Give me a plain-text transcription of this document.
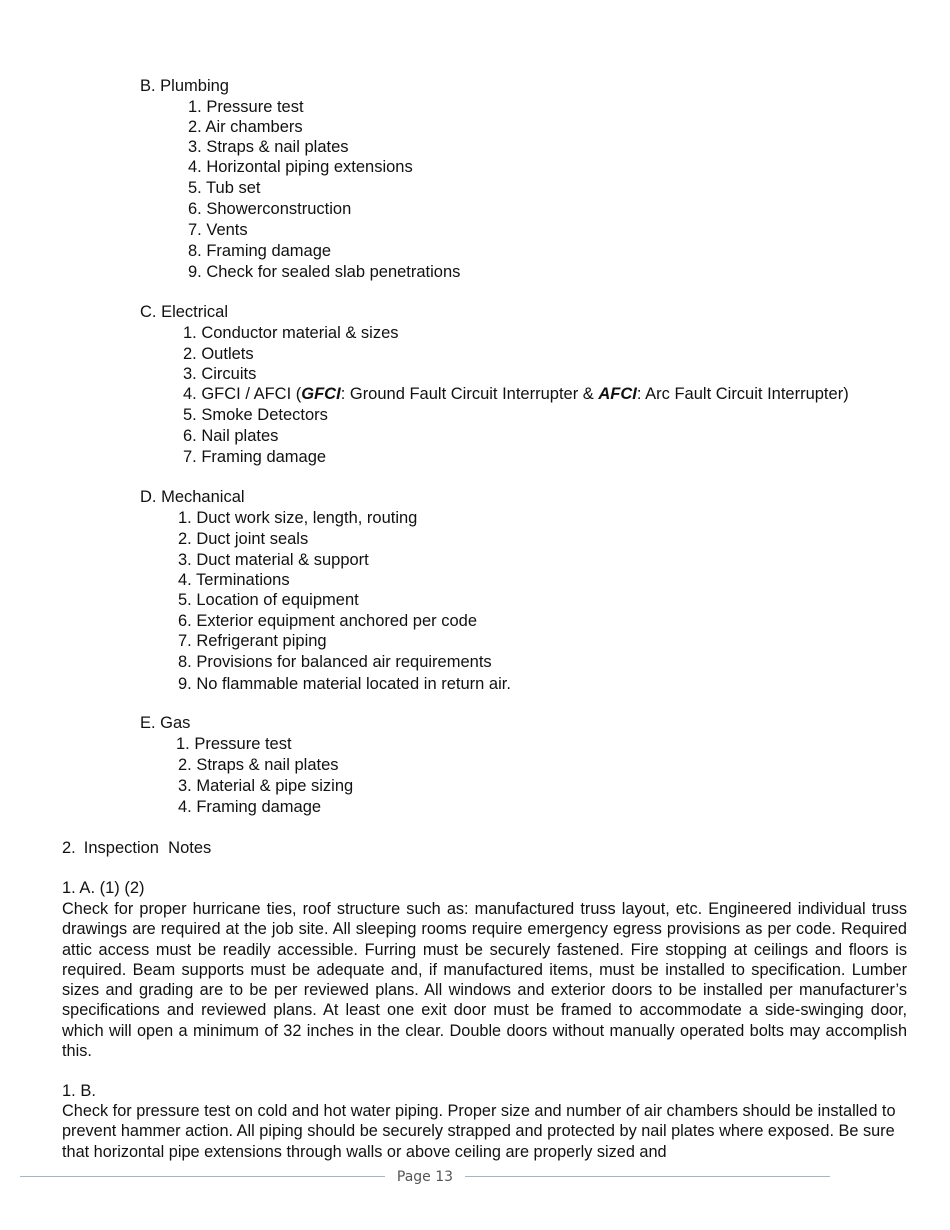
B. Plumbing
1. Pressure test
2. Air chambers
3. Straps & nail plates
4. Horizontal piping extensions
5. Tub set
6. Showerconstruction
7. Vents
8. Framing damage
9. Check for sealed slab penetrations
C. Electrical
1. Conductor material & sizes
2. Outlets
3. Circuits
4. GFCI / AFCI (GFCI: Ground Fault Circuit Interrupter & AFCI: Arc Fault Circuit Interrupter)
5. Smoke Detectors
6. Nail plates
7. Framing damage
D. Mechanical
1. Duct work size, length, routing
2. Duct joint seals
3. Duct material & support
4. Terminations
5. Location of equipment
6. Exterior equipment anchored per code
7. Refrigerant piping
8. Provisions for balanced air requirements
9. No flammable material located in return air.
E. Gas
1. Pressure test
2. Straps & nail plates
3. Material & pipe sizing
4. Framing damage
2. Inspection  Notes
1. A. (1) (2)
Check for proper hurricane ties, roof structure such as: manufactured truss layout, etc. Engineered individual truss drawings are required at the job site. All sleeping rooms require emergency egress provisions as per code. Required attic access must be readily accessible. Furring must be securely fastened. Fire stopping at ceilings and floors is required. Beam supports must be adequate and, if manufactured items, must be installed to specification. Lumber sizes and grading are to be per reviewed plans. All windows and exterior doors to be installed per manufacturer’s specifications and reviewed plans. At least one exit door must be framed to accommodate a side-swinging door, which will open a minimum of 32 inches in the clear. Double doors without manually operated bolts may accomplish this.
1. B.
Check for pressure test on cold and hot water piping. Proper size and number of air chambers should be installed to prevent hammer action. All piping should be securely strapped and protected by nail plates where exposed. Be sure that horizontal pipe extensions through walls or above ceiling are properly sized and
Page 13
